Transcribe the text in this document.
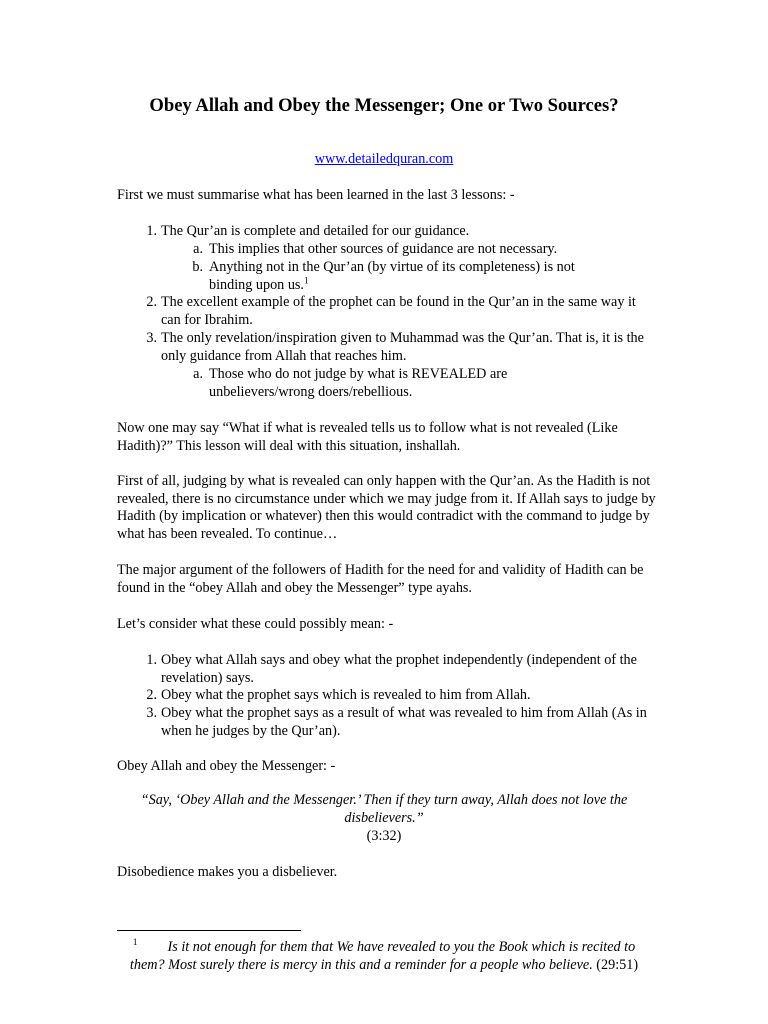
Obey Allah and Obey the Messenger; One or Two Sources?
www.detailedquran.com

First we must summarise what has been learned in the last 3 lessons: -

1. The Qur’an is complete and detailed for our guidance.
a. This implies that other sources of guidance are not necessary.
b. Anything not in the Qur’an (by virtue of its completeness) is not binding upon us.$^1$
2. The excellent example of the prophet can be found in the Qur’an in the same way it can for Ibrahim.
3. The only revelation/inspiration given to Muhammad was the Qur’an. That is, it is the only guidance from Allah that reaches him.
a. Those who do not judge by what is REVEALED are unbelievers/wrong doers/rebellious.

Now one may say “What if what is revealed tells us to follow what is not revealed (Like Hadith)?” This lesson will deal with this situation, inshallah.

First of all, judging by what is revealed can only happen with the Qur’an. As the Hadith is not revealed, there is no circumstance under which we may judge from it. If Allah says to judge by Hadith (by implication or whatever) then this would contradict with the command to judge by what has been revealed. To continue…

The major argument of the followers of Hadith for the need for and validity of Hadith can be found in the “obey Allah and obey the Messenger” type ayahs.

Let’s consider what these could possibly mean: -

1. Obey what Allah says and obey what the prophet independently (independent of the revelation) says.
2. Obey what the prophet says which is revealed to him from Allah.
3. Obey what the prophet says as a result of what was revealed to him from Allah (As in when he judges by the Qur’an).

Obey Allah and obey the Messenger: -

“Say, ‘Obey Allah and the Messenger.’ Then if they turn away, Allah does not love the disbelievers.”
(3:32)

Disobedience makes you a disbeliever.

$^1$ Is it not enough for them that We have revealed to you the Book which is recited to them? Most surely there is mercy in this and a reminder for a people who believe. (29:51)
